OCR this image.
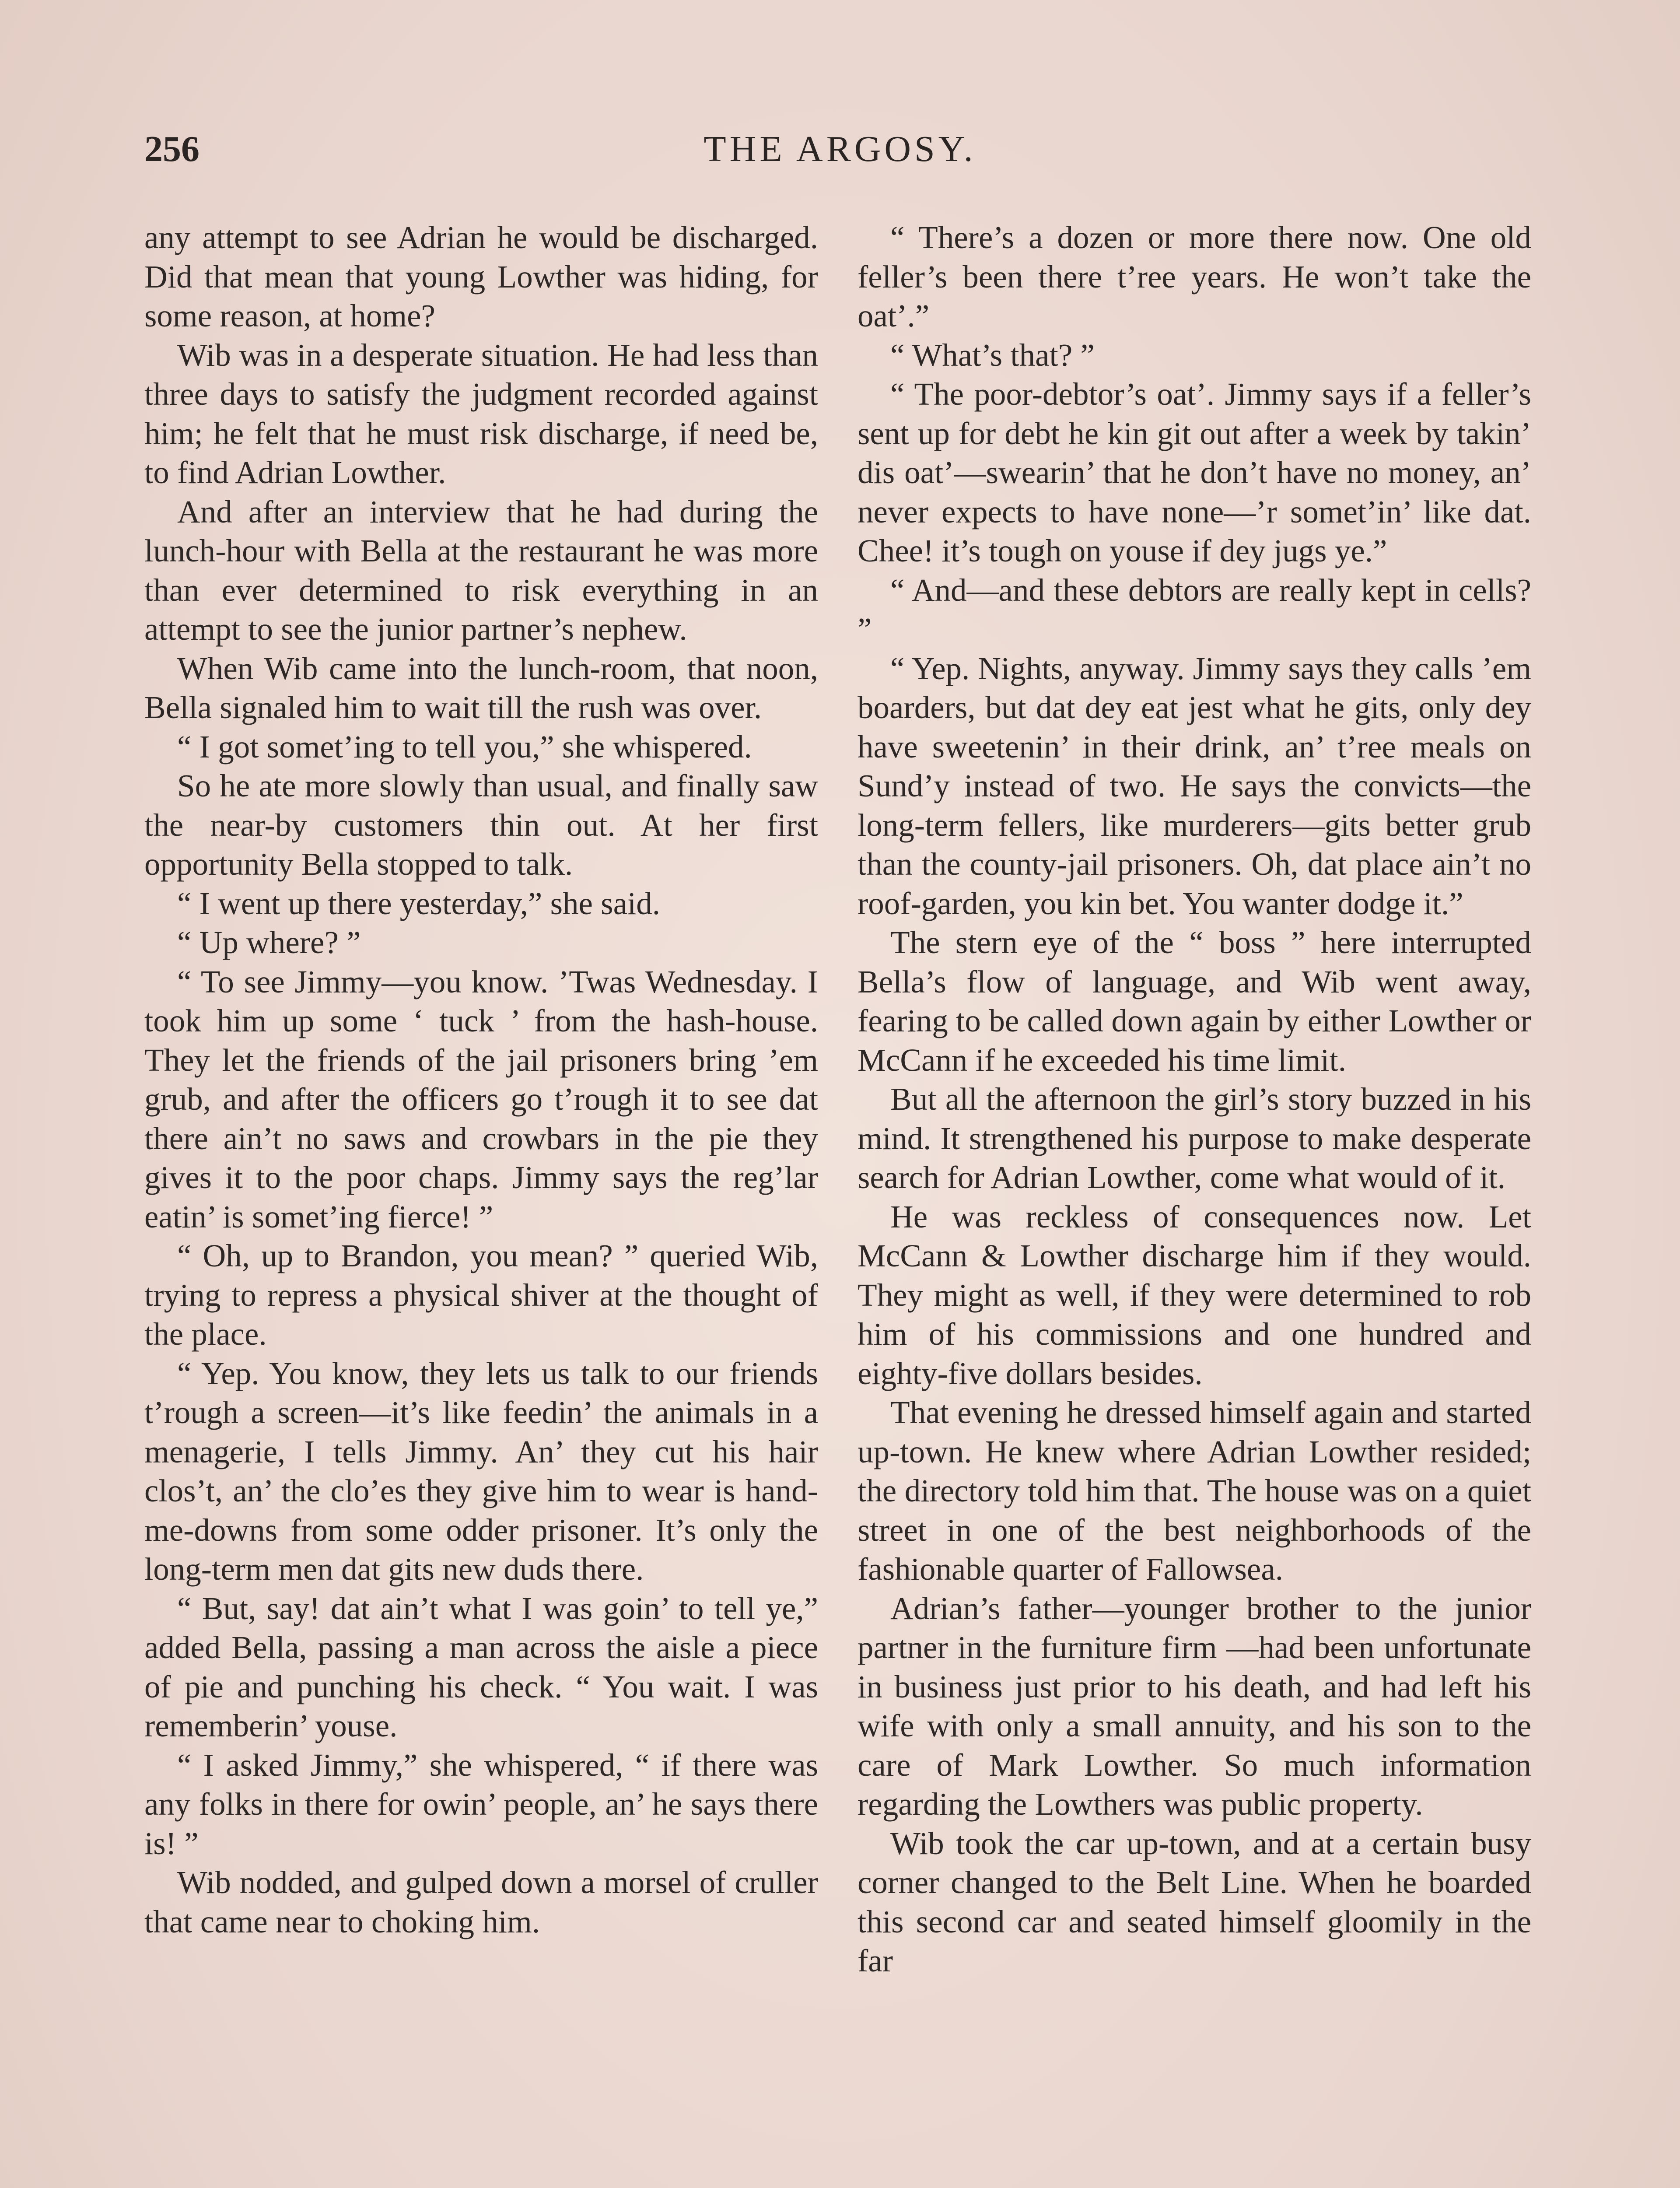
256	THE ARGOSY.

any attempt to see Adrian he would be discharged. Did that mean that young Lowther was hiding, for some reason, at home?

Wib was in a desperate situation. He had less than three days to satisfy the judgment recorded against him; he felt that he must risk discharge, if need be, to find Adrian Lowther.

And after an interview that he had during the lunch-hour with Bella at the restaurant he was more than ever determined to risk everything in an attempt to see the junior partner’s nephew.

When Wib came into the lunch-room, that noon, Bella signaled him to wait till the rush was over.

“ I got somet’ing to tell you,” she whispered.

So he ate more slowly than usual, and finally saw the near-by customers thin out. At her first opportunity Bella stopped to talk.

“ I went up there yesterday,” she said.

“ Up where? ”

“ To see Jimmy—you know. ’Twas Wednesday. I took him up some ‘ tuck ’ from the hash-house. They let the friends of the jail prisoners bring ’em grub, and after the officers go t’rough it to see dat there ain’t no saws and crowbars in the pie they gives it to the poor chaps. Jimmy says the reg’lar eatin’ is somet’ing fierce! ”

“ Oh, up to Brandon, you mean? ” queried Wib, trying to repress a physical shiver at the thought of the place.

“ Yep. You know, they lets us talk to our friends t’rough a screen—it’s like feedin’ the animals in a menagerie, I tells Jimmy. An’ they cut his hair clos’t, an’ the clo’es they give him to wear is hand-me-downs from some odder prisoner. It’s only the long-term men dat gits new duds there.

“ But, say! dat ain’t what I was goin’ to tell ye,” added Bella, passing a man across the aisle a piece of pie and punching his check. “ You wait. I was rememberin’ youse.

“ I asked Jimmy,” she whispered, “ if there was any folks in there for owin’ people, an’ he says there is! ”

Wib nodded, and gulped down a morsel of cruller that came near to choking him.

“ There’s a dozen or more there now. One old feller’s been there t’ree years. He won’t take the oat’.”

“ What’s that? ”

“ The poor-debtor’s oat’. Jimmy says if a feller’s sent up for debt he kin git out after a week by takin’ dis oat’—swearin’ that he don’t have no money, an’ never expects to have none—’r somet’in’ like dat. Chee! it’s tough on youse if dey jugs ye.”

“ And—and these debtors are really kept in cells? ”

“ Yep. Nights, anyway. Jimmy says they calls ’em boarders, but dat dey eat jest what he gits, only dey have sweetenin’ in their drink, an’ t’ree meals on Sund’y instead of two. He says the convicts—the long-term fellers, like murderers—gits better grub than the county-jail prisoners. Oh, dat place ain’t no roof-garden, you kin bet. You wanter dodge it.”

The stern eye of the “ boss ” here interrupted Bella’s flow of language, and Wib went away, fearing to be called down again by either Lowther or McCann if he exceeded his time limit.

But all the afternoon the girl’s story buzzed in his mind. It strengthened his purpose to make desperate search for Adrian Lowther, come what would of it.

He was reckless of consequences now. Let McCann & Lowther discharge him if they would. They might as well, if they were determined to rob him of his commissions and one hundred and eighty-five dollars besides.

That evening he dressed himself again and started up-town. He knew where Adrian Lowther resided; the directory told him that. The house was on a quiet street in one of the best neighborhoods of the fashionable quarter of Fallowsea.

Adrian’s father—younger brother to the junior partner in the furniture firm —had been unfortunate in business just prior to his death, and had left his wife with only a small annuity, and his son to the care of Mark Lowther. So much information regarding the Lowthers was public property.

Wib took the car up-town, and at a certain busy corner changed to the Belt Line. When he boarded this second car and seated himself gloomily in the far
